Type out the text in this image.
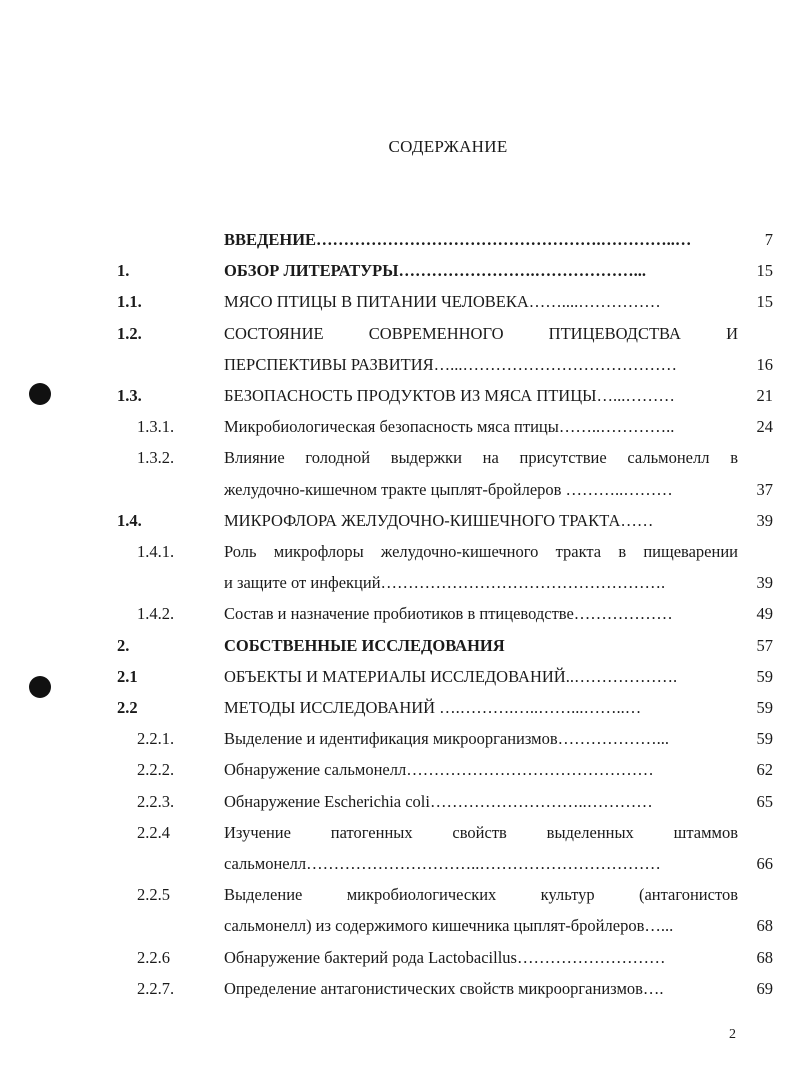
СОДЕРЖАНИЕ
ВВЕДЕНИЕ…………………………………………….…………..…	7
1.	ОБЗОР ЛИТЕРАТУРЫ…………………….………………...	15
1.1.	МЯСО ПТИЦЫ В ПИТАНИИ ЧЕЛОВЕКА……....……………	15
1.2.	СОСТОЯНИЕ СОВРЕМЕННОГО ПТИЦЕВОДСТВА И
ПЕРСПЕКТИВЫ РАЗВИТИЯ…...…………………………………	16
1.3.	БЕЗОПАСНОСТЬ ПРОДУКТОВ ИЗ МЯСА ПТИЦЫ…...………	21
1.3.1.	Микробиологическая безопасность мяса птицы……..…………..	24
1.3.2.	Влияние голодной выдержки на присутствие сальмонелл в
желудочно-кишечном тракте цыплят-бройлеров ………..………	37
1.4.	МИКРОФЛОРА ЖЕЛУДОЧНО-КИШЕЧНОГО ТРАКТА……	39
1.4.1.	Роль микрофлоры желудочно-кишечного тракта в пищеварении
и защите от инфекций…………………………………………….	39
1.4.2.	Состав и назначение пробиотиков в птицеводстве………………	49
2.	СОБСТВЕННЫЕ ИССЛЕДОВАНИЯ	57
2.1	ОБЪЕКТЫ И МАТЕРИАЛЫ ИССЛЕДОВАНИЙ..……………….	59
2.2	МЕТОДЫ ИССЛЕДОВАНИЙ ….……….…..……...……..…	59
2.2.1.	Выделение и идентификация микроорганизмов………………...	59
2.2.2.	Обнаружение сальмонелл………………………………………	62
2.2.3.	Обнаружение Escherichia coli………………………..…………	65
2.2.4	Изучение патогенных свойств выделенных штаммов
сальмонелл…………………………..……………………………	66
2.2.5	Выделение микробиологических культур (антагонистов
сальмонелл) из содержимого кишечника цыплят-бройлеров…...	68
2.2.6	Обнаружение бактерий рода Lactobacillus………………………	68
2.2.7.	Определение антагонистических свойств микроорганизмов….	69
2
